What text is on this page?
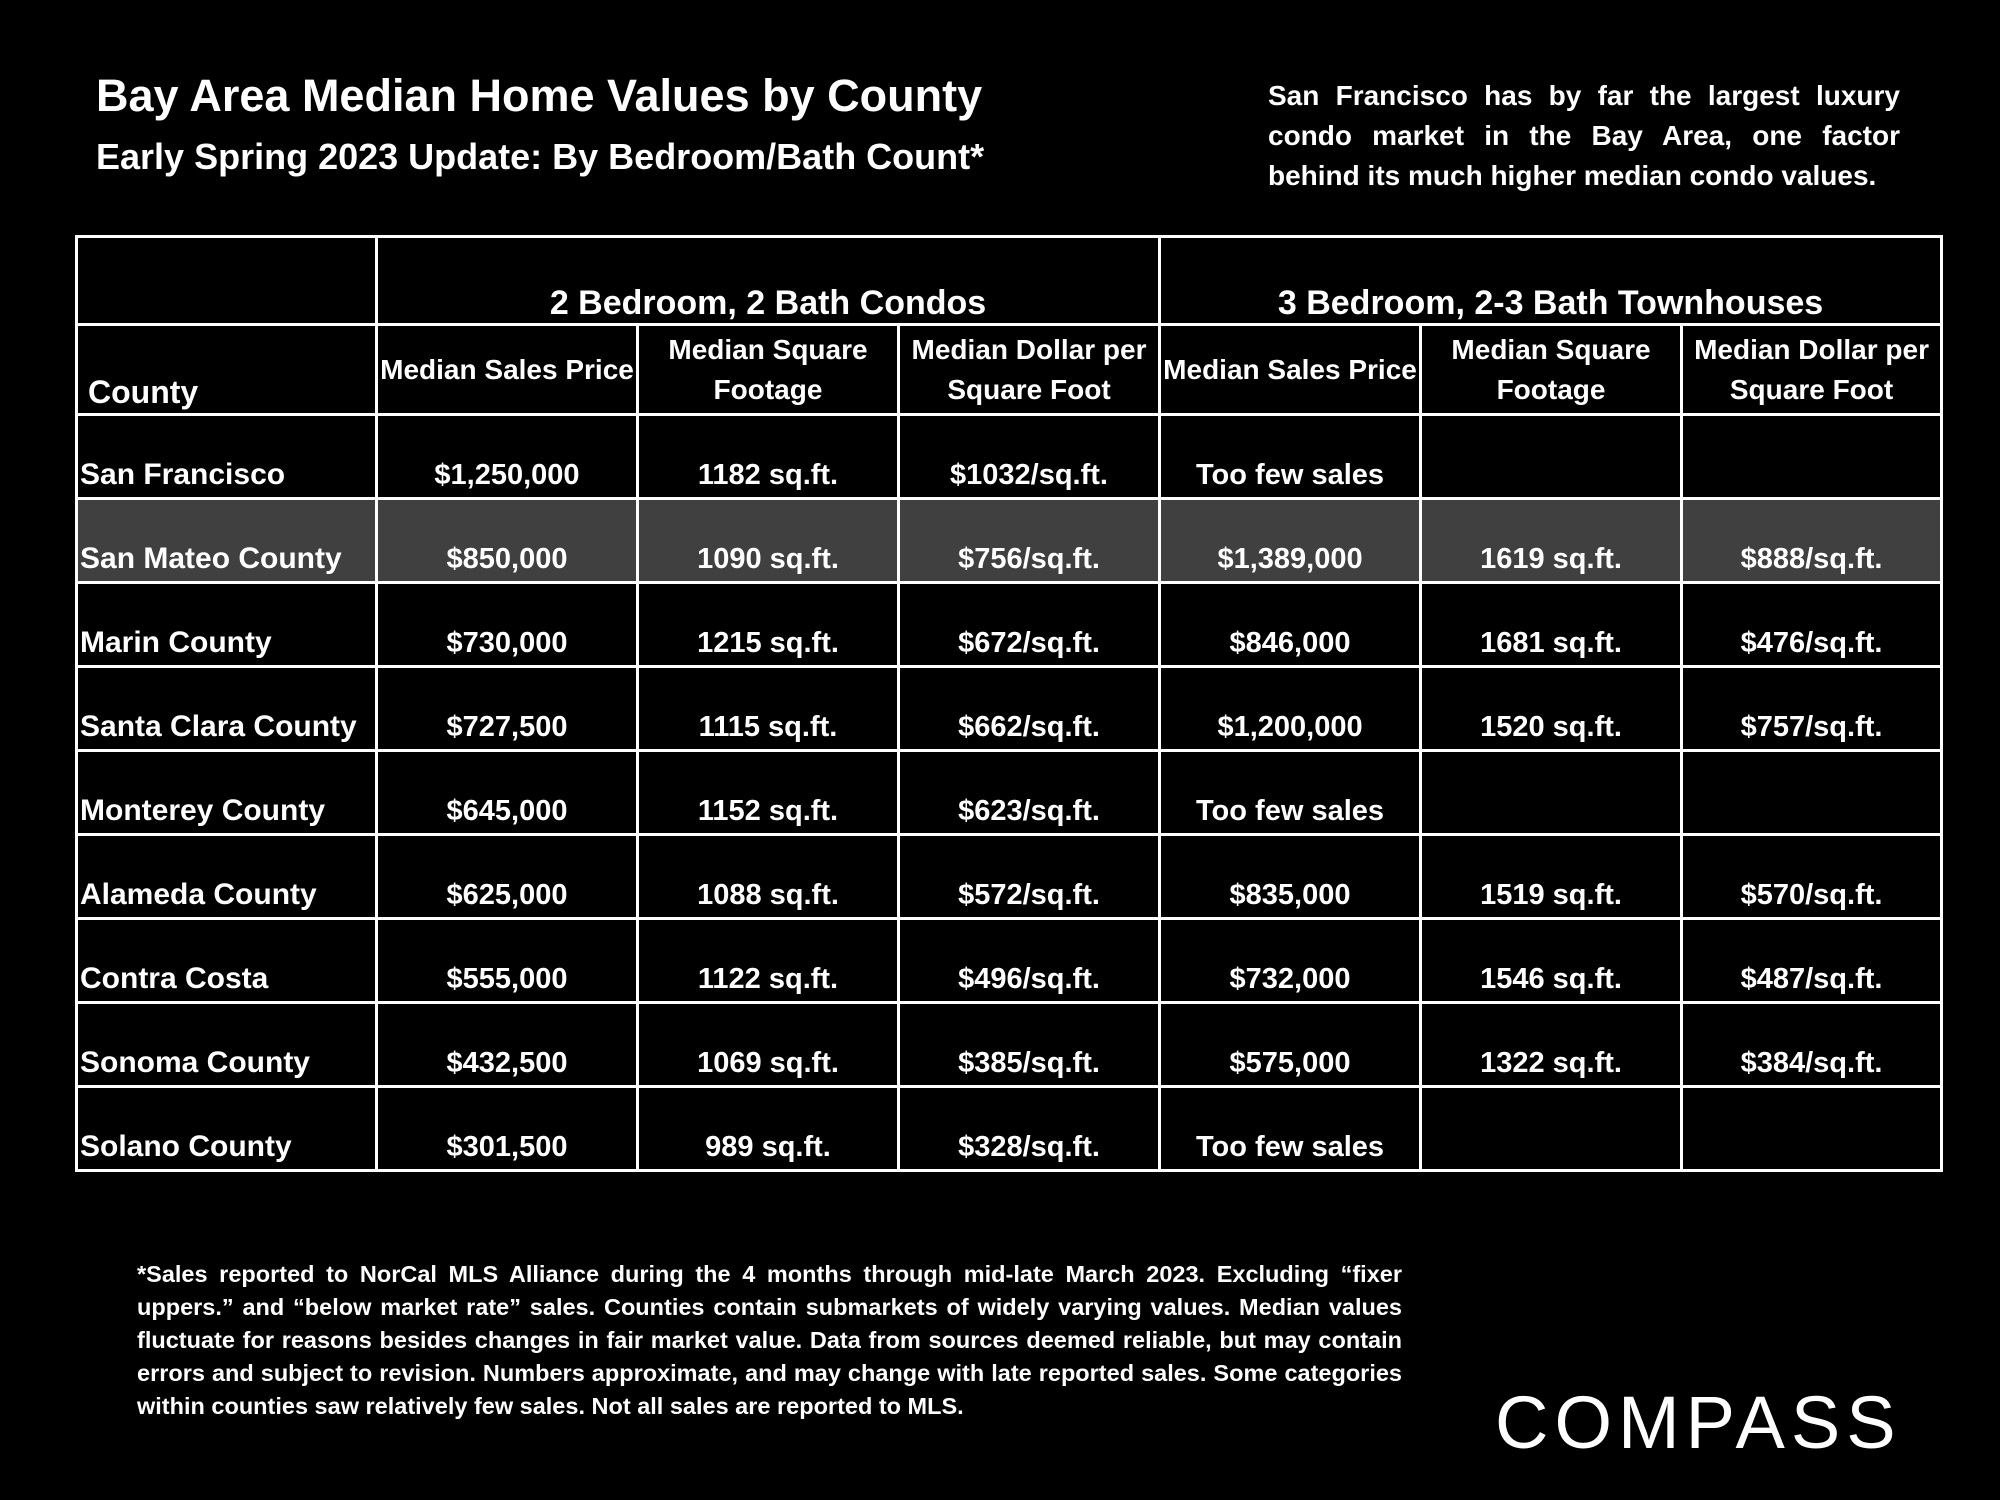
Bay Area Median Home Values by County
Early Spring 2023 Update: By Bedroom/Bath Count*

San Francisco has by far the largest luxury condo market in the Bay Area, one factor behind its much higher median condo values.

	2 Bedroom, 2 Bath Condos			3 Bedroom, 2-3 Bath Townhouses		
County	Median Sales Price	Median Square Footage	Median Dollar per Square Foot	Median Sales Price	Median Square Footage	Median Dollar per Square Foot

San Francisco	$1,250,000	1182 sq.ft.	$1032/sq.ft.	Too few sales		

San Mateo County	$850,000	1090 sq.ft.	$756/sq.ft.	$1,389,000	1619 sq.ft.	$888/sq.ft.

Marin County	$730,000	1215 sq.ft.	$672/sq.ft.	$846,000	1681 sq.ft.	$476/sq.ft.

Santa Clara County	$727,500	1115 sq.ft.	$662/sq.ft.	$1,200,000	1520 sq.ft.	$757/sq.ft.

Monterey County	$645,000	1152 sq.ft.	$623/sq.ft.	Too few sales		

Alameda County	$625,000	1088 sq.ft.	$572/sq.ft.	$835,000	1519 sq.ft.	$570/sq.ft.

Contra Costa	$555,000	1122 sq.ft.	$496/sq.ft.	$732,000	1546 sq.ft.	$487/sq.ft.

Sonoma County	$432,500	1069 sq.ft.	$385/sq.ft.	$575,000	1322 sq.ft.	$384/sq.ft.

Solano County	$301,500	989 sq.ft.	$328/sq.ft.	Too few sales		

*Sales reported to NorCal MLS Alliance during the 4 months through mid-late March 2023. Excluding “fixer uppers.” and “below market rate” sales. Counties contain submarkets of widely varying values. Median values fluctuate for reasons besides changes in fair market value. Data from sources deemed reliable, but may contain errors and subject to revision. Numbers approximate, and may change with late reported sales. Some categories within counties saw relatively few sales. Not all sales are reported to MLS.	COMPASS
